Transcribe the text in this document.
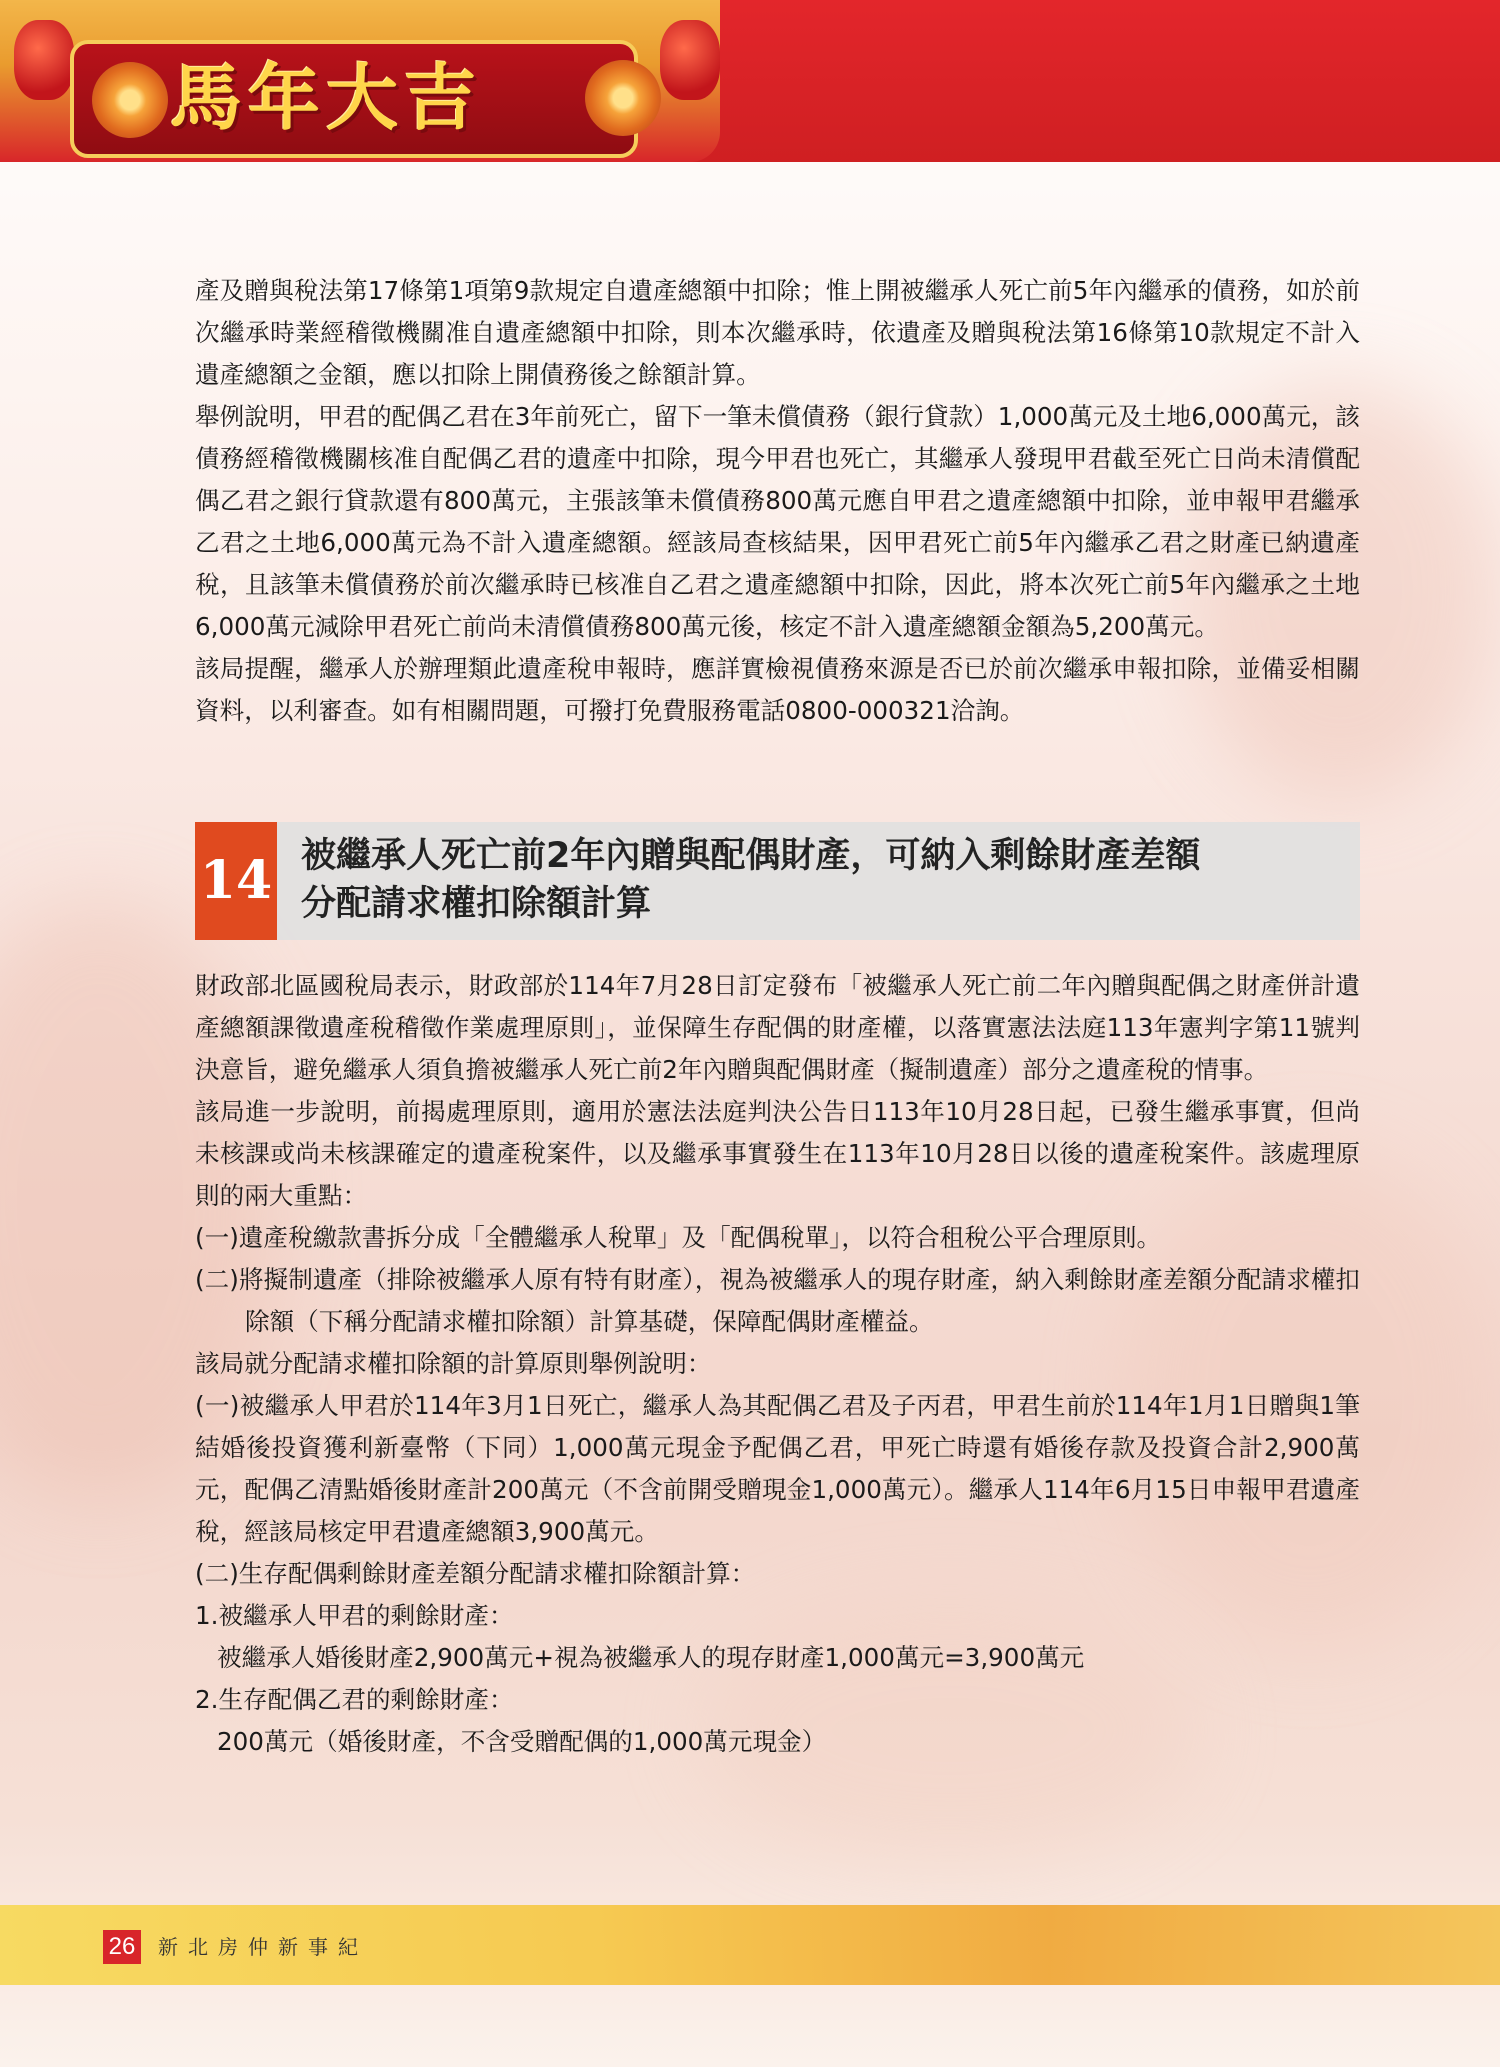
馬年大吉

產及贈與稅法第17條第1項第9款規定自遺產總額中扣除；惟上開被繼承人死亡前5年內繼承的債務，如於前次繼承時業經稽徵機關准自遺產總額中扣除，則本次繼承時，依遺產及贈與稅法第16條第10款規定不計入遺產總額之金額，應以扣除上開債務後之餘額計算。

舉例說明，甲君的配偶乙君在3年前死亡，留下一筆未償債務（銀行貸款）1,000萬元及土地6,000萬元，該債務經稽徵機關核准自配偶乙君的遺產中扣除，現今甲君也死亡，其繼承人發現甲君截至死亡日尚未清償配偶乙君之銀行貸款還有800萬元，主張該筆未償債務800萬元應自甲君之遺產總額中扣除，並申報甲君繼承乙君之土地6,000萬元為不計入遺產總額。經該局查核結果，因甲君死亡前5年內繼承乙君之財產已納遺產稅，且該筆未償債務於前次繼承時已核准自乙君之遺產總額中扣除，因此，將本次死亡前5年內繼承之土地6,000萬元減除甲君死亡前尚未清償債務800萬元後，核定不計入遺產總額金額為5,200萬元。

該局提醒，繼承人於辦理類此遺產稅申報時，應詳實檢視債務來源是否已於前次繼承申報扣除，並備妥相關資料，以利審查。如有相關問題，可撥打免費服務電話0800-000321洽詢。

14 被繼承人死亡前2年內贈與配偶財產，可納入剩餘財產差額
分配請求權扣除額計算

財政部北區國稅局表示，財政部於114年7月28日訂定發布「被繼承人死亡前二年內贈與配偶之財產併計遺產總額課徵遺產稅稽徵作業處理原則」，並保障生存配偶的財產權，以落實憲法法庭113年憲判字第11號判決意旨，避免繼承人須負擔被繼承人死亡前2年內贈與配偶財產（擬制遺產）部分之遺產稅的情事。

該局進一步說明，前揭處理原則，適用於憲法法庭判決公告日113年10月28日起，已發生繼承事實，但尚未核課或尚未核課確定的遺產稅案件，以及繼承事實發生在113年10月28日以後的遺產稅案件。該處理原則的兩大重點：

(一)遺產稅繳款書拆分成「全體繼承人稅單」及「配偶稅單」，以符合租稅公平合理原則。

(二)將擬制遺產（排除被繼承人原有特有財產），視為被繼承人的現存財產，納入剩餘財產差額分配請求權扣除額（下稱分配請求權扣除額）計算基礎，保障配偶財產權益。

該局就分配請求權扣除額的計算原則舉例說明：

(一)被繼承人甲君於114年3月1日死亡，繼承人為其配偶乙君及子丙君，甲君生前於114年1月1日贈與1筆結婚後投資獲利新臺幣（下同）1,000萬元現金予配偶乙君，甲死亡時還有婚後存款及投資合計2,900萬元，配偶乙清點婚後財產計200萬元（不含前開受贈現金1,000萬元）。繼承人114年6月15日申報甲君遺產稅，經該局核定甲君遺產總額3,900萬元。

(二)生存配偶剩餘財產差額分配請求權扣除額計算：

1.被繼承人甲君的剩餘財產：

被繼承人婚後財產2,900萬元+視為被繼承人的現存財產1,000萬元=3,900萬元

2.生存配偶乙君的剩餘財產：

200萬元（婚後財產，不含受贈配偶的1,000萬元現金）

26 新北房仲新事紀
